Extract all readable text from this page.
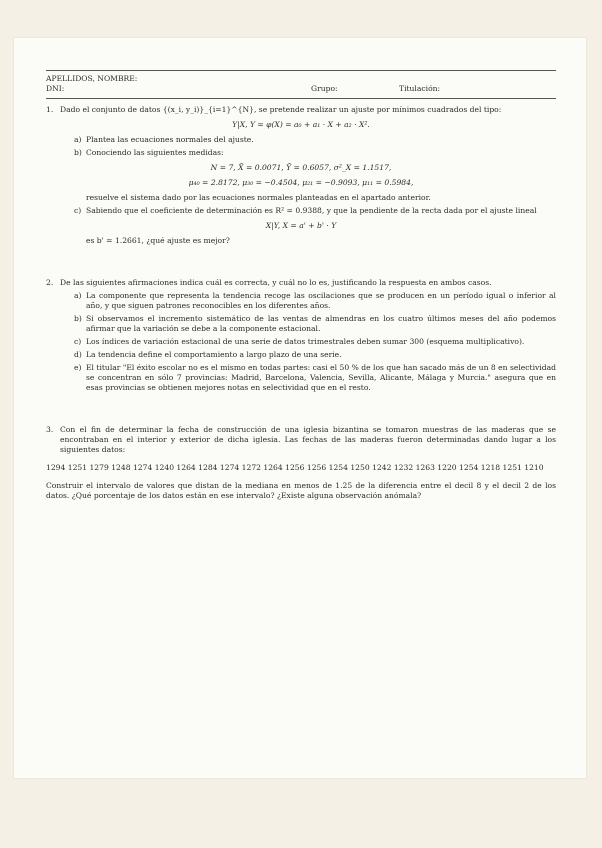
APELLIDOS, NOMBRE:
DNI:	Grupo:	Titulación:
1. Dado el conjunto de datos {(x_i, y_i)}_{i=1}^{N}, se pretende realizar un ajuste por mínimos cuadrados del tipo:
Y|X, Y = φ(X) = a₀ + a₁ · X + a₂ · X².
a) Plantea las ecuaciones normales del ajuste.
b) Conociendo las siguientes medidas:
N = 7, X̄ = 0.0071, Ȳ = 0.6057, σ²_X = 1.1517,
μ₄₀ = 2.8172, μ₃₀ = −0.4504, μ₂₁ = −0.9093, μ₁₁ = 0.5984,
resuelve el sistema dado por las ecuaciones normales planteadas en el apartado anterior.
c) Sabiendo que el coeficiente de determinación es R² = 0.9388, y que la pendiente de la recta dada por el ajuste lineal
X|Y, X = a' + b' · Y
es b' = 1.2661, ¿qué ajuste es mejor?
2. De las siguientes afirmaciones indica cuál es correcta, y cuál no lo es, justificando la respuesta en ambos casos.
a) La componente que representa la tendencia recoge las oscilaciones que se producen en un período igual o inferior al año, y que siguen patrones reconocibles en los diferentes años.
b) Si observamos el incremento sistemático de las ventas de almendras en los cuatro últimos meses del año podemos afirmar que la variación se debe a la componente estacional.
c) Los índices de variación estacional de una serie de datos trimestrales deben sumar 300 (esquema multiplicativo).
d) La tendencia define el comportamiento a largo plazo de una serie.
e) El titular "El éxito escolar no es el mismo en todas partes: casi el 50 % de los que han sacado más de un 8 en selectividad se concentran en sólo 7 provincias: Madrid, Barcelona, Valencia, Sevilla, Alicante, Málaga y Murcia." asegura que en esas provincias se obtienen mejores notas en selectividad que en el resto.
3. Con el fin de determinar la fecha de construcción de una iglesia bizantina se tomaron muestras de las maderas que se encontraban en el interior y exterior de dicha iglesia. Las fechas de las maderas fueron determinadas dando lugar a los siguientes datos:
1294 1251 1279 1248 1274 1240 1264 1284 1274 1272 1264 1256 1256 1254 1250 1242 1232 1263 1220 1254 1218 1251 1210
Construir el intervalo de valores que distan de la mediana en menos de 1.25 de la diferencia entre el decil 8 y el decil 2 de los datos. ¿Qué porcentaje de los datos están en ese intervalo? ¿Existe alguna observación anómala?
